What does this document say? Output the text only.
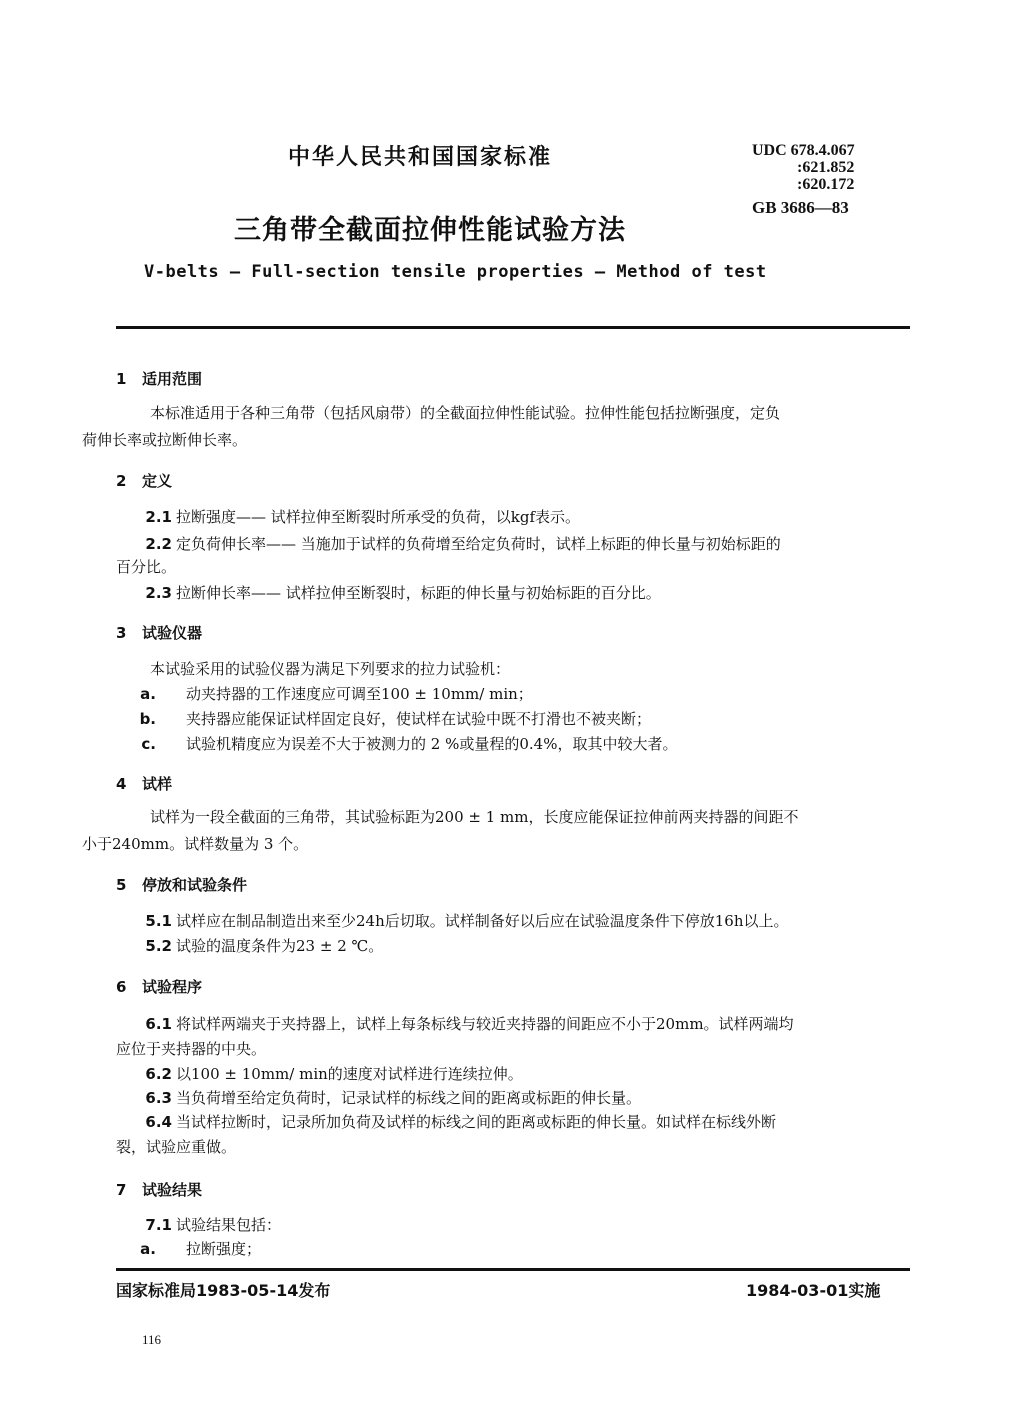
中华人民共和国国家标准	UDC 678.4.067
:621.852
:620.172
GB 3686—83
三角带全截面拉伸性能试验方法
V-belts — Full-section tensile properties — Method of test
1 适用范围
本标准适用于各种三角带（包括风扇带）的全截面拉伸性能试验。拉伸性能包括拉断强度，定负
荷伸长率或拉断伸长率。
2 定义
2.1 拉断强度—— 试样拉伸至断裂时所承受的负荷，以kgf表示。
2.2 定负荷伸长率—— 当施加于试样的负荷增至给定负荷时，试样上标距的伸长量与初始标距的
百分比。
2.3 拉断伸长率—— 试样拉伸至断裂时，标距的伸长量与初始标距的百分比。
3 试验仪器
本试验采用的试验仪器为满足下列要求的拉力试验机：
a. 动夹持器的工作速度应可调至100 ± 10mm/ min；
b. 夹持器应能保证试样固定良好，使试样在试验中既不打滑也不被夹断；
c. 试验机精度应为误差不大于被测力的 2 %或量程的0.4%，取其中较大者。
4 试样
试样为一段全截面的三角带，其试验标距为200 ± 1 mm，长度应能保证拉伸前两夹持器的间距不
小于240mm。试样数量为 3 个。
5 停放和试验条件
5.1 试样应在制品制造出来至少24h后切取。试样制备好以后应在试验温度条件下停放16h以上。
5.2 试验的温度条件为23 ± 2 ℃。
6 试验程序
6.1 将试样两端夹于夹持器上，试样上每条标线与较近夹持器的间距应不小于20mm。试样两端均
应位于夹持器的中央。
6.2 以100 ± 10mm/ min的速度对试样进行连续拉伸。
6.3 当负荷增至给定负荷时，记录试样的标线之间的距离或标距的伸长量。
6.4 当试样拉断时，记录所加负荷及试样的标线之间的距离或标距的伸长量。如试样在标线外断
裂，试验应重做。
7 试验结果
7.1 试验结果包括：
a. 拉断强度；
国家标准局1983-05-14发布	1984-03-01实施
116
